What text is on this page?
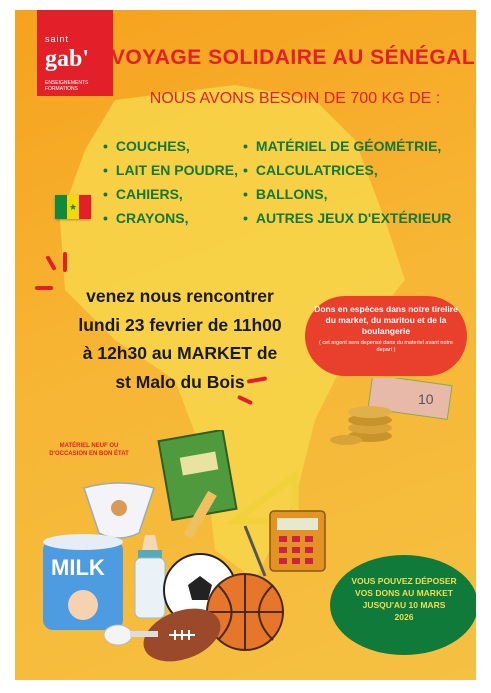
saint
gab'
ENSEIGNEMENTS FORMATIONS
VOYAGE SOLIDAIRE AU SÉNÉGAL
NOUS AVONS BESOIN DE 700 KG DE :
• COUCHES,
• LAIT EN POUDRE,
• CAHIERS,
• CRAYONS,
• MATÉRIEL DE GÉOMÉTRIE,
• CALCULATRICES,
• BALLONS,
• AUTRES JEUX D'EXTÉRIEUR
★
venez nous rencontrer
lundi 23 fevrier de 11h00
à 12h30 au MARKET de
st Malo du Bois
Dons en espèces dans notre tirelire du market, du maritou et de la boulangerie
( cet argent sera depensé dans du materiel avant notre depart )
10
MATÉRIEL NEUF OU D'OCCASION EN BON ÉTAT
MILK
VOUS POUVEZ DÉPOSER
VOS DONS AU MARKET
JUSQU'AU 10 MARS
2026
